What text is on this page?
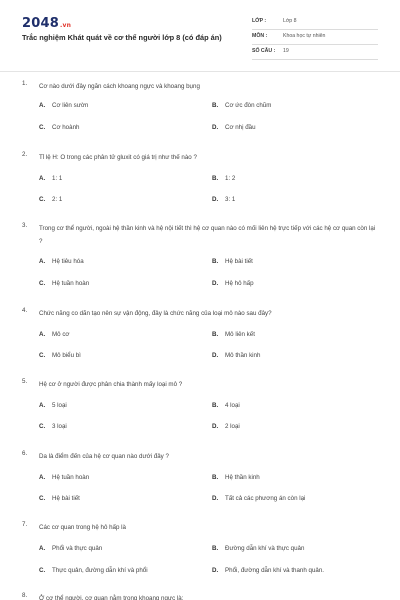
2048.vn
Trắc nghiệm Khát quát về cơ thể người lớp 8 (có đáp án)
LỚP :	Lớp 8
MÔN :	Khoa học tự nhiên
SỐ CÂU : 19
1. Cơ nào dưới đây ngăn cách khoang ngực và khoang bụng
A. Cơ liên sườn	B. Cơ ức đòn chũm
C. Cơ hoành	D. Cơ nhị đầu
2. Tỉ lệ H: O trong các phân tử gluxit có giá trị như thế nào ?
A. 1: 1	B. 1: 2
C. 2: 1	D. 3: 1
3. Trong cơ thể người, ngoài hệ thần kinh và hệ nội tiết thì hệ cơ quan nào có mối liên hệ trực tiếp với các hệ cơ quan còn lại ?
A. Hệ tiêu hóa	B. Hệ bài tiết
C. Hệ tuần hoàn	D. Hệ hô hấp
4. Chức năng co dãn tạo nên sự vận động, đây là chức năng của loại mô nào sau đây?
A. Mô cơ	B. Mô liên kết
C. Mô biểu bì	D. Mô thần kinh
5. Hệ cơ ở người được phân chia thành mấy loại mô ?
A. 5 loại	B. 4 loại
C. 3 loại	D. 2 loại
6. Da là điểm đến của hệ cơ quan nào dưới đây ?
A. Hệ tuần hoàn	B. Hệ thần kinh
C. Hệ bài tiết	D. Tất cả các phương án còn lại
7. Các cơ quan trong hệ hô hấp là
A. Phổi và thực quản	B. Đường dẫn khí và thực quản
C. Thực quản, đường dẫn khí và phổi	D. Phổi, đường dẫn khí và thanh quản.
8. Ở cơ thể người, cơ quan nằm trong khoang ngực là:
